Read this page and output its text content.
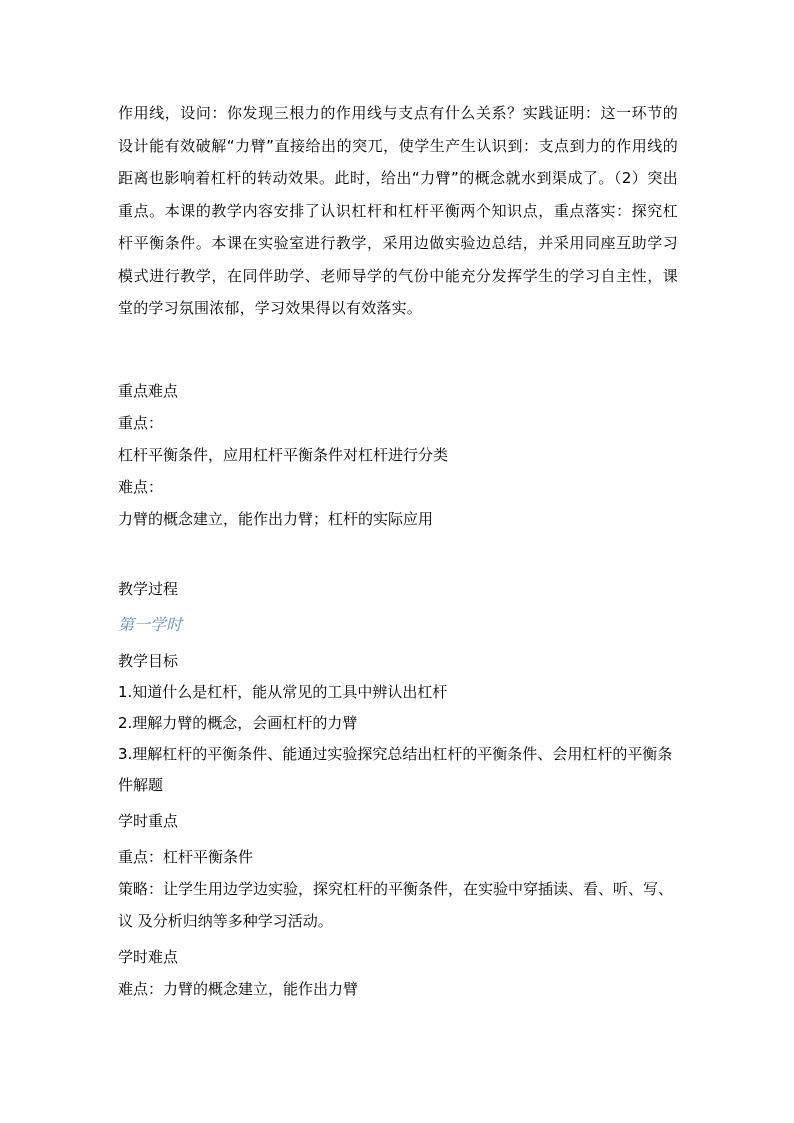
作用线，设问：你发现三根力的作用线与支点有什么关系？实践证明：这一环节的设计能有效破解“力臂”直接给出的突兀，使学生产生认识到：支点到力的作用线的距离也影响着杠杆的转动效果。此时，给出“力臂”的概念就水到渠成了。（2）突出重点。本课的教学内容安排了认识杠杆和杠杆平衡两个知识点，重点落实：探究杠杆平衡条件。本课在实验室进行教学，采用边做实验边总结，并采用同座互助学习模式进行教学，在同伴助学、老师导学的气份中能充分发挥学生的学习自主性，课堂的学习氛围浓郁，学习效果得以有效落实。

重点难点

重点：

杠杆平衡条件，应用杠杆平衡条件对杠杆进行分类

难点：

力臂的概念建立，能作出力臂；杠杆的实际应用

教学过程

第一学时

教学目标

1.知道什么是杠杆，能从常见的工具中辨认出杠杆

2.理解力臂的概念，会画杠杆的力臂

3.理解杠杆的平衡条件、能通过实验探究总结出杠杆的平衡条件、会用杠杆的平衡条件解题

学时重点

重点：杠杆平衡条件

策略：让学生用边学边实验，探究杠杆的平衡条件，在实验中穿插读、看、听、写、议 及分析归纳等多种学习活动。

学时难点

难点：力臂的概念建立，能作出力臂
